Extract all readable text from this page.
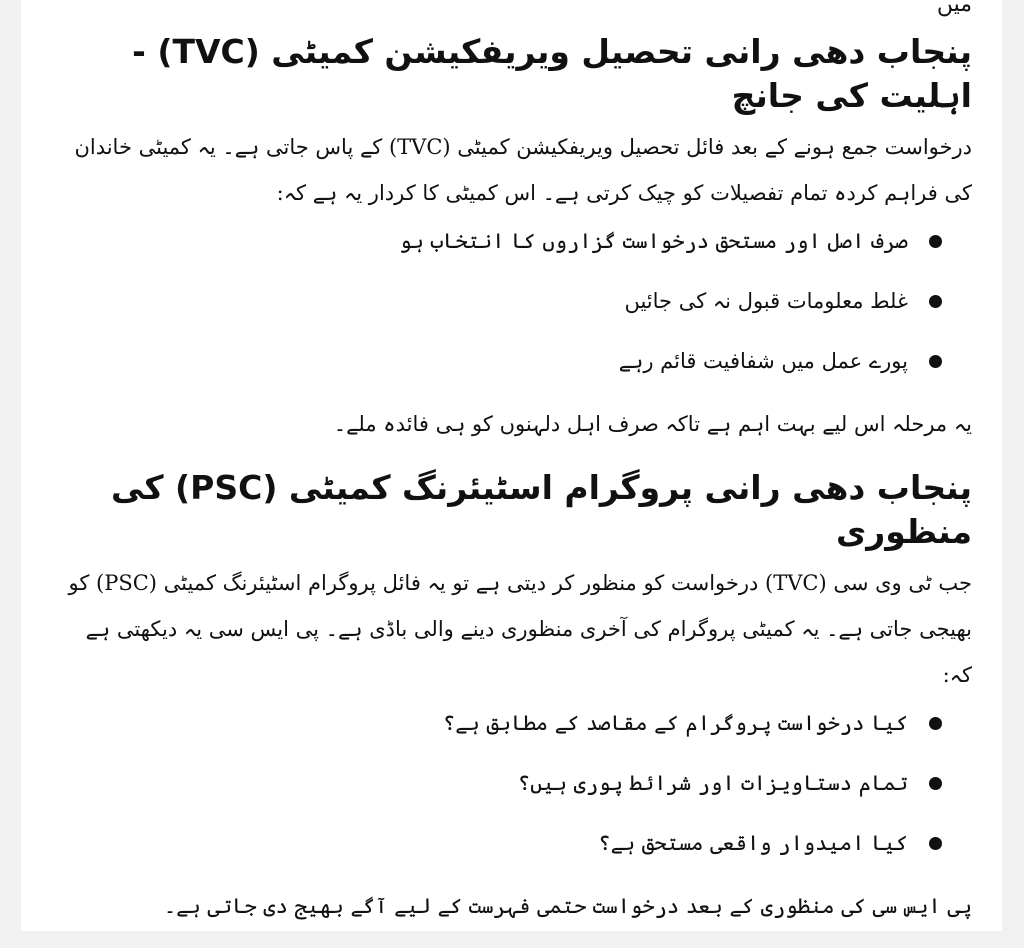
میں
پنجاب دھی رانی تحصیل ویریفکیشن کمیٹی (TVC) - اہلیت کی جانچ

درخواست جمع ہونے کے بعد فائل تحصیل ویریفکیشن کمیٹی (TVC) کے پاس جاتی ہے۔ یہ کمیٹی خاندان کی فراہم کردہ تمام تفصیلات کو چیک کرتی ہے۔ اس کمیٹی کا کردار یہ ہے کہ:

صرف اصل اور مستحق درخواست گزاروں کا انتخاب ہو
غلط معلومات قبول نہ کی جائیں
پورے عمل میں شفافیت قائم رہے

یہ مرحلہ اس لیے بہت اہم ہے تاکہ صرف اہل دلہنوں کو ہی فائدہ ملے۔

پنجاب دھی رانی پروگرام اسٹیئرنگ کمیٹی (PSC) کی منظوری

جب ٹی وی سی (TVC) درخواست کو منظور کر دیتی ہے تو یہ فائل پروگرام اسٹیئرنگ کمیٹی (PSC) کو بھیجی جاتی ہے۔ یہ کمیٹی پروگرام کی آخری منظوری دینے والی باڈی ہے۔ پی ایس سی یہ دیکھتی ہے کہ:

کیا درخواست پروگرام کے مقاصد کے مطابق ہے؟
تمام دستاویزات اور شرائط پوری ہیں؟
کیا امیدوار واقعی مستحق ہے؟

پی ایس سی کی منظوری کے بعد درخواست حتمی فہرست کے لیے آگے بھیج دی جاتی ہے۔
